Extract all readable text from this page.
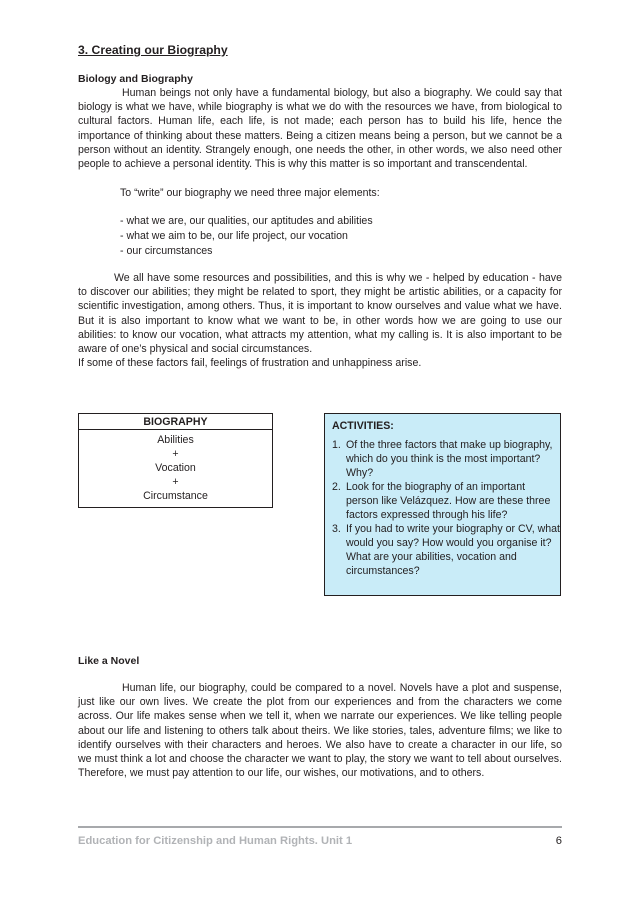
3. Creating our Biography
Biology and Biography

Human beings not only have a fundamental biology, but also a biography. We could say that biology is what we have, while biography is what we do with the resources we have, from biological to cultural factors. Human life, each life, is not made; each person has to build his life, hence the importance of thinking about these matters. Being a citizen means being a person, but we cannot be a person without an identity. Strangely enough, one needs the other, in other words, we also need other people to achieve a personal identity. This is why this matter is so important and transcendental.

To “write” our biography we need three major elements:
- what we are, our qualities, our aptitudes and abilities
- what we aim to be, our life project, our vocation
- our circumstances

We all have some resources and possibilities, and this is why we - helped by education - have to discover our abilities; they might be related to sport, they might be artistic abilities, or a capacity for scientific investigation, among others. Thus, it is important to know ourselves and value what we have. But it is also important to know what we want to be, in other words how we are going to use our abilities: to know our vocation, what attracts my attention, what my calling is. It is also important to be aware of one’s physical and social circumstances.

If some of these factors fail, feelings of frustration and unhappiness arise.

BIOGRAPHY
Abilities
+
Vocation
+
Circumstance
ACTIVITIES:
1. Of the three factors that make up biography, which do you think is the most important? Why?
2. Look for the biography of an important person like Velázquez. How are these three factors expressed through his life?
3. If you had to write your biography or CV, what would you say? How would you organise it? What are your abilities, vocation and circumstances?
Like a Novel

Human life, our biography, could be compared to a novel. Novels have a plot and suspense, just like our own lives. We create the plot from our experiences and from the characters we come across. Our life makes sense when we tell it, when we narrate our experiences. We like telling people about our life and listening to others talk about theirs. We like stories, tales, adventure films; we like to identify ourselves with their characters and heroes. We also have to create a character in our life, so we must think a lot and choose the character we want to play, the story we want to tell about ourselves. Therefore, we must pay attention to our life, our wishes, our motivations, and to others.

Education for Citizenship and Human Rights. Unit 1	6
